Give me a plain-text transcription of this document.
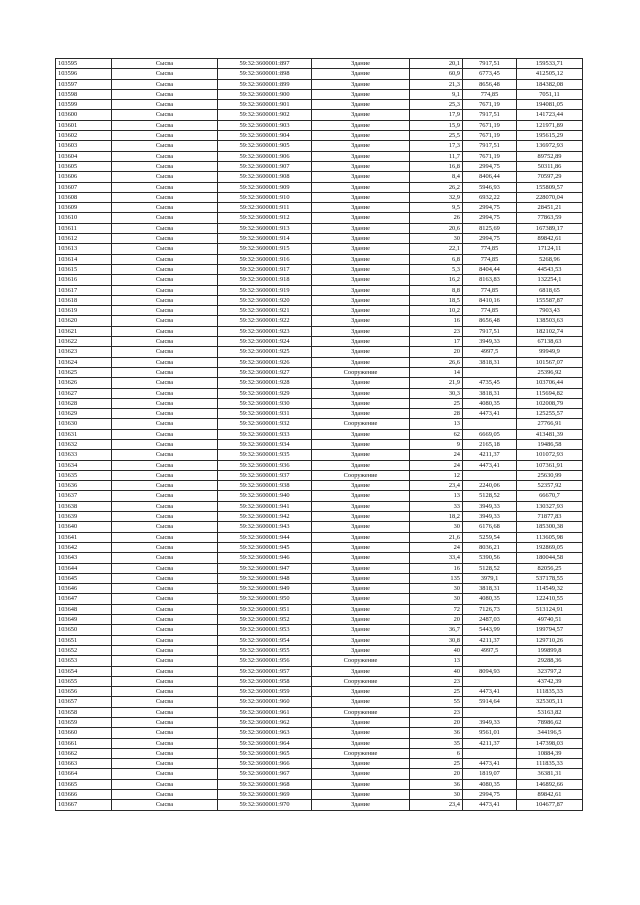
103595	Сысва	59:32:3600001:897	Здание	20,1	7917,51	159533,71
103596	Сысва	59:32:3600001:898	Здание	60,9	6773,45	412505,12
103597	Сысва	59:32:3600001:899	Здание	21,3	8656,48	184382,08
103598	Сысва	59:32:3600001:900	Здание	9,1	774,85	7051,11
103599	Сысва	59:32:3600001:901	Здание	25,3	7671,19	194081,05
103600	Сысва	59:32:3600001:902	Здание	17,9	7917,51	141723,44
103601	Сысва	59:32:3600001:903	Здание	15,9	7671,19	121971,89
103602	Сысва	59:32:3600001:904	Здание	25,5	7671,19	195615,29
103603	Сысва	59:32:3600001:905	Здание	17,3	7917,51	136972,93
103604	Сысва	59:32:3600001:906	Здание	11,7	7671,19	89752,89
103605	Сысва	59:32:3600001:907	Здание	16,8	2994,75	50311,86
103606	Сысва	59:32:3600001:908	Здание	8,4	8406,44	70597,29
103607	Сысва	59:32:3600001:909	Здание	26,2	5946,93	155809,57
103608	Сысва	59:32:3600001:910	Здание	32,9	6932,22	228070,04
103609	Сысва	59:32:3600001:911	Здание	9,5	2994,75	28451,21
103610	Сысва	59:32:3600001:912	Здание	26	2994,75	77863,59
103611	Сысва	59:32:3600001:913	Здание	20,6	8125,69	167389,17
103612	Сысва	59:32:3600001:914	Здание	30	2994,75	89842,61
103613	Сысва	59:32:3600001:915	Здание	22,1	774,85	17124,11
103614	Сысва	59:32:3600001:916	Здание	6,8	774,85	5268,96
103615	Сысва	59:32:3600001:917	Здание	5,3	8404,44	44543,53
103616	Сысва	59:32:3600001:918	Здание	16,2	8163,83	132254,1
103617	Сысва	59:32:3600001:919	Здание	8,8	774,85	6818,65
103618	Сысва	59:32:3600001:920	Здание	18,5	8410,16	155587,87
103619	Сысва	59:32:3600001:921	Здание	10,2	774,85	7903,43
103620	Сысва	59:32:3600001:922	Здание	16	8656,48	138503,63
103621	Сысва	59:32:3600001:923	Здание	23	7917,51	182102,74
103622	Сысва	59:32:3600001:924	Здание	17	3949,33	67138,63
103623	Сысва	59:32:3600001:925	Здание	20	4997,5	99949,9
103624	Сысва	59:32:3600001:926	Здание	26,6	3818,31	101567,07
103625	Сысва	59:32:3600001:927	Сооружение	14		25396,92
103626	Сысва	59:32:3600001:928	Здание	21,9	4735,45	103706,44
103627	Сысва	59:32:3600001:929	Здание	30,3	3818,31	115694,82
103628	Сысва	59:32:3600001:930	Здание	25	4080,35	102008,79
103629	Сысва	59:32:3600001:931	Здание	28	4473,41	125255,57
103630	Сысва	59:32:3600001:932	Сооружение	13		27766,91
103631	Сысва	59:32:3600001:933	Здание	62	6669,05	413481,39
103632	Сысва	59:32:3600001:934	Здание	9	2165,18	19486,58
103633	Сысва	59:32:3600001:935	Здание	24	4211,37	101072,93
103634	Сысва	59:32:3600001:936	Здание	24	4473,41	107361,91
103635	Сысва	59:32:3600001:937	Сооружение	12		25630,99
103636	Сысва	59:32:3600001:938	Здание	23,4	2240,06	52357,92
103637	Сысва	59:32:3600001:940	Здание	13	5128,52	66670,7
103638	Сысва	59:32:3600001:941	Здание	33	3949,33	130327,93
103639	Сысва	59:32:3600001:942	Здание	18,2	3949,33	71877,83
103640	Сысва	59:32:3600001:943	Здание	30	6176,68	185300,38
103641	Сысва	59:32:3600001:944	Здание	21,6	5259,54	113605,98
103642	Сысва	59:32:3600001:945	Здание	24	8036,21	192869,05
103643	Сысва	59:32:3600001:946	Здание	33,4	5390,56	180044,58
103644	Сысва	59:32:3600001:947	Здание	16	5128,52	82056,25
103645	Сысва	59:32:3600001:948	Здание	135	3979,1	537178,55
103646	Сысва	59:32:3600001:949	Здание	30	3818,31	114549,32
103647	Сысва	59:32:3600001:950	Здание	30	4080,35	122410,55
103648	Сысва	59:32:3600001:951	Здание	72	7126,73	513124,91
103649	Сысва	59:32:3600001:952	Здание	20	2487,03	49740,51
103650	Сысва	59:32:3600001:953	Здание	36,7	5443,99	199794,57
103651	Сысва	59:32:3600001:954	Здание	30,8	4211,37	129710,26
103652	Сысва	59:32:3600001:955	Здание	40	4997,5	199899,8
103653	Сысва	59:32:3600001:956	Сооружение	13		29288,36
103654	Сысва	59:32:3600001:957	Здание	40	8094,93	323797,2
103655	Сысва	59:32:3600001:958	Сооружение	23		43742,39
103656	Сысва	59:32:3600001:959	Здание	25	4473,41	111835,33
103657	Сысва	59:32:3600001:960	Здание	55	5914,64	325305,11
103658	Сысва	59:32:3600001:961	Сооружение	23		53163,82
103659	Сысва	59:32:3600001:962	Здание	20	3949,33	78986,62
103660	Сысва	59:32:3600001:963	Здание	36	9561,01	344196,5
103661	Сысва	59:32:3600001:964	Здание	35	4211,37	147398,03
103662	Сысва	59:32:3600001:965	Сооружение	6		10884,39
103663	Сысва	59:32:3600001:966	Здание	25	4473,41	111835,33
103664	Сысва	59:32:3600001:967	Здание	20	1819,07	36381,31
103665	Сысва	59:32:3600001:968	Здание	36	4080,35	146892,66
103666	Сысва	59:32:3600001:969	Здание	30	2994,75	89842,61
103667	Сысва	59:32:3600001:970	Здание	23,4	4473,41	104677,87
